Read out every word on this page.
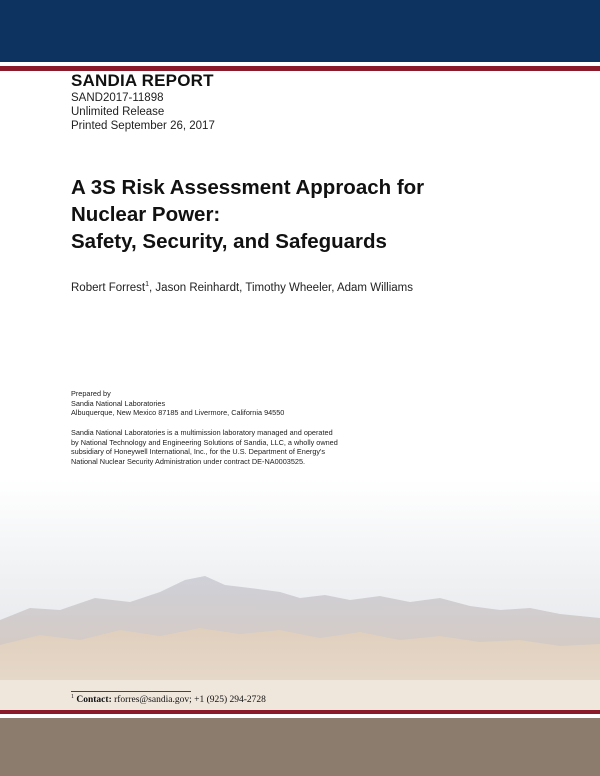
SANDIA REPORT
SAND2017-11898
Unlimited Release
Printed September 26, 2017
A 3S Risk Assessment Approach for
Nuclear Power:
Safety, Security, and Safeguards
Robert Forrest$^1$, Jason Reinhardt, Timothy Wheeler, Adam Williams
Prepared by
Sandia National Laboratories
Albuquerque, New Mexico 87185 and Livermore, California 94550
Sandia National Laboratories is a multimission laboratory managed and operated
by National Technology and Engineering Solutions of Sandia, LLC, a wholly owned
subsidiary of Honeywell International, Inc., for the U.S. Department of Energy's
National Nuclear Security Administration under contract DE-NA0003525.
$^1$ Contact: rforres@sandia.gov; +1 (925) 294-2728
